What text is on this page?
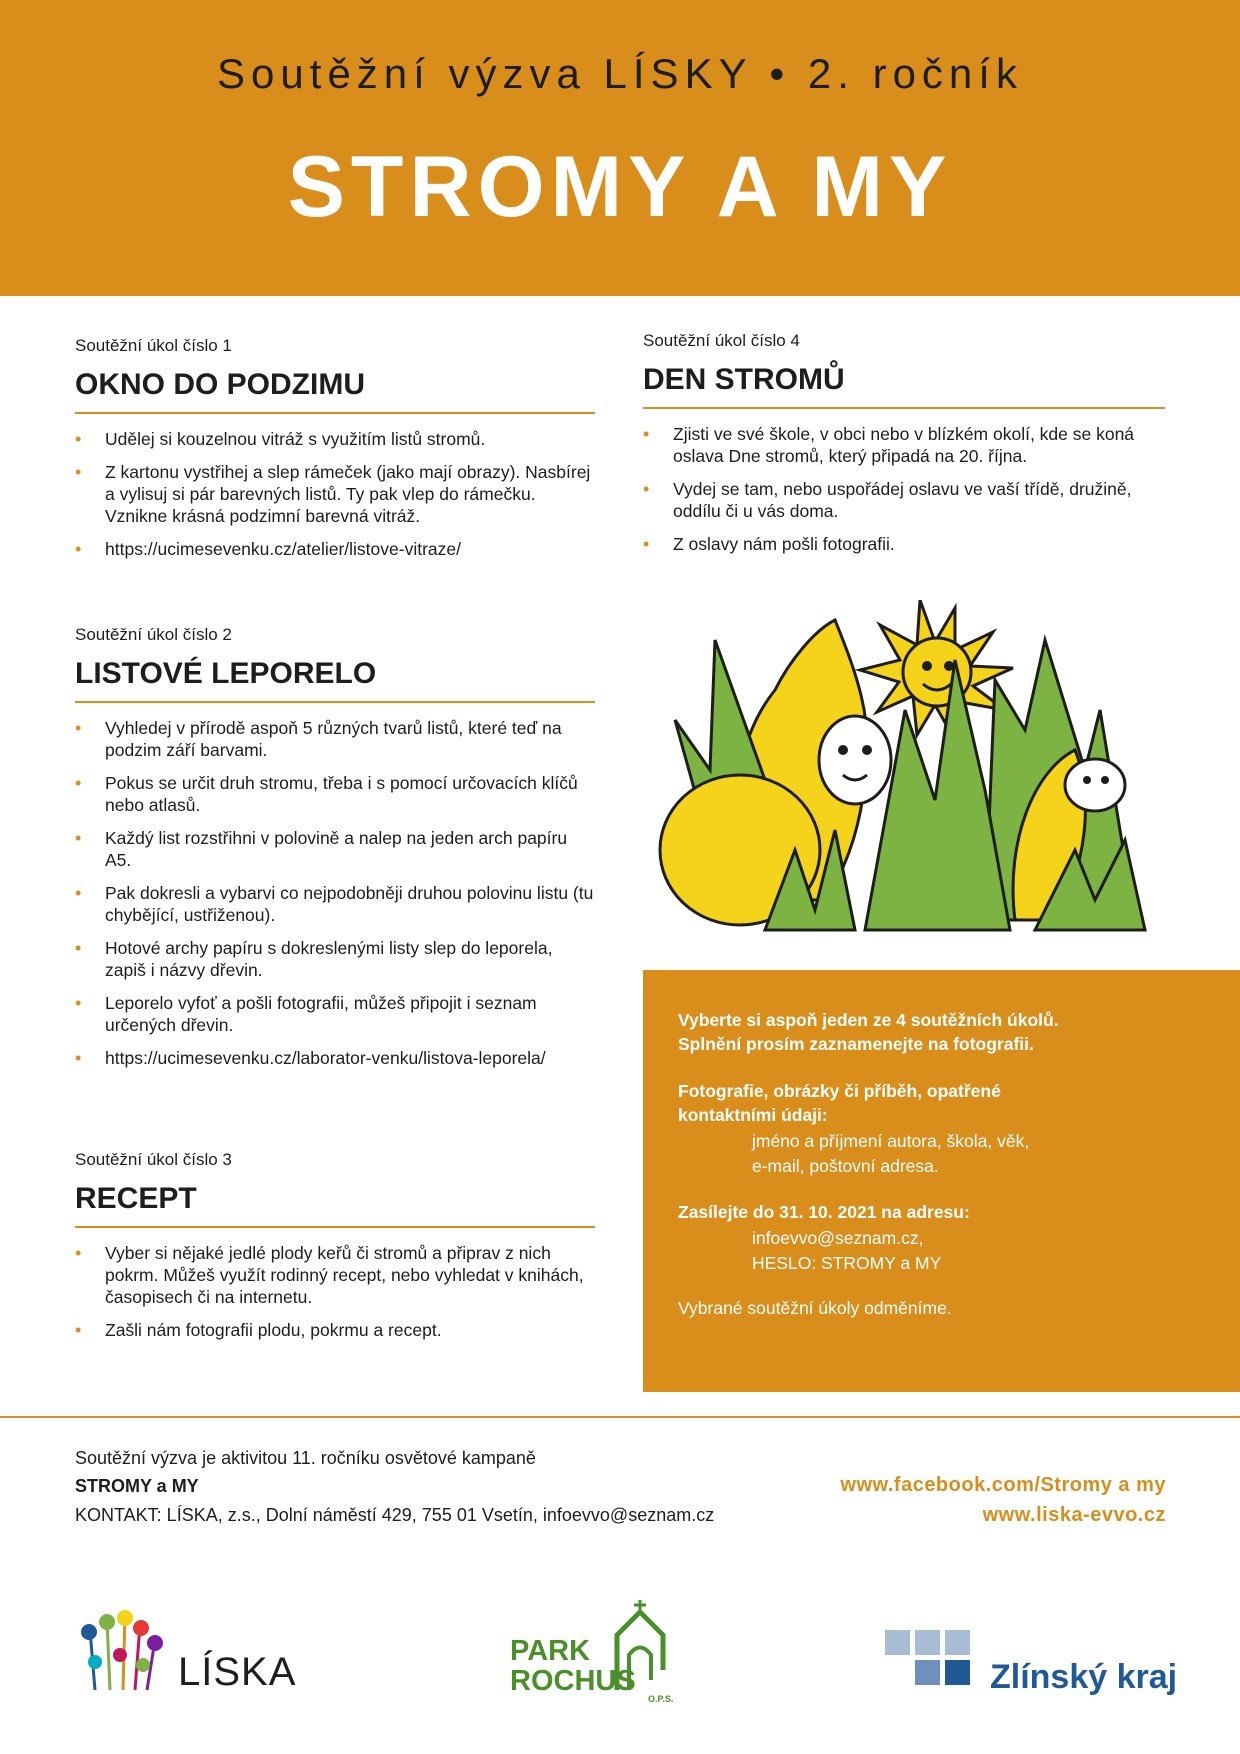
Soutěžní výzva LÍSKY • 2. ročník
STROMY A MY
Soutěžní úkol číslo 1
OKNO DO PODZIMU
• Udělej si kouzelnou vitráž s využitím listů stromů.
• Z kartonu vystřihej a slep rámeček (jako mají obrazy). Nasbírej a vylisuj si pár barevných listů. Ty pak vlep do rámečku. Vznikne krásná podzimní barevná vitráž.
• https://ucimesevenku.cz/atelier/listove-vitraze/
Soutěžní úkol číslo 2
LISTOVÉ LEPORELO
• Vyhledej v přírodě aspoň 5 různých tvarů listů, které teď na podzim září barvami.
• Pokus se určit druh stromu, třeba i s pomocí určovacích klíčů nebo atlasů.
• Každý list rozstřihni v polovině a nalep na jeden arch papíru A5.
• Pak dokresli a vybarvi co nejpodobněji druhou polovinu listu (tu chybějící, ustřiženou).
• Hotové archy papíru s dokreslenými listy slep do leporela, zapiš i názvy dřevin.
• Leporelo vyfoť a pošli fotografii, můžeš připojit i seznam určených dřevin.
• https://ucimesevenku.cz/laborator-venku/listova-leporela/
Soutěžní úkol číslo 3
RECEPT
• Vyber si nějaké jedlé plody keřů či stromů a připrav z nich pokrm. Můžeš využít rodinný recept, nebo vyhledat v knihách, časopisech či na internetu.
• Zašli nám fotografii plodu, pokrmu a recept.
Soutěžní úkol číslo 4
DEN STROMŮ
• Zjisti ve své škole, v obci nebo v blízkém okolí, kde se koná oslava Dne stromů, který připadá na 20. října.
• Vydej se tam, nebo uspořádej oslavu ve vaší třídě, družině, oddílu či u vás doma.
• Z oslavy nám pošli fotografii.
Vyberte si aspoň jeden ze 4 soutěžních úkolů.
Splnění prosím zaznamenejte na fotografii.
Fotografie, obrázky či příběh, opatřené
kontaktními údaji:
jméno a příjmení autora, škola, věk,
e-mail, poštovní adresa.
Zasílejte do 31. 10. 2021 na adresu:
infoevvo@seznam.cz,
HESLO: STROMY a MY
Vybrané soutěžní úkoly odměníme.
Soutěžní výzva je aktivitou 11. ročníku osvětové kampaně
STROMY a MY
KONTAKT: LÍSKA, z.s., Dolní náměstí 429, 755 01 Vsetín, infoevvo@seznam.cz
www.facebook.com/Stromy a my
www.liska-evvo.cz
LÍSKA	PARK
ROCHUS
O.P.S.
Zlínský kraj
